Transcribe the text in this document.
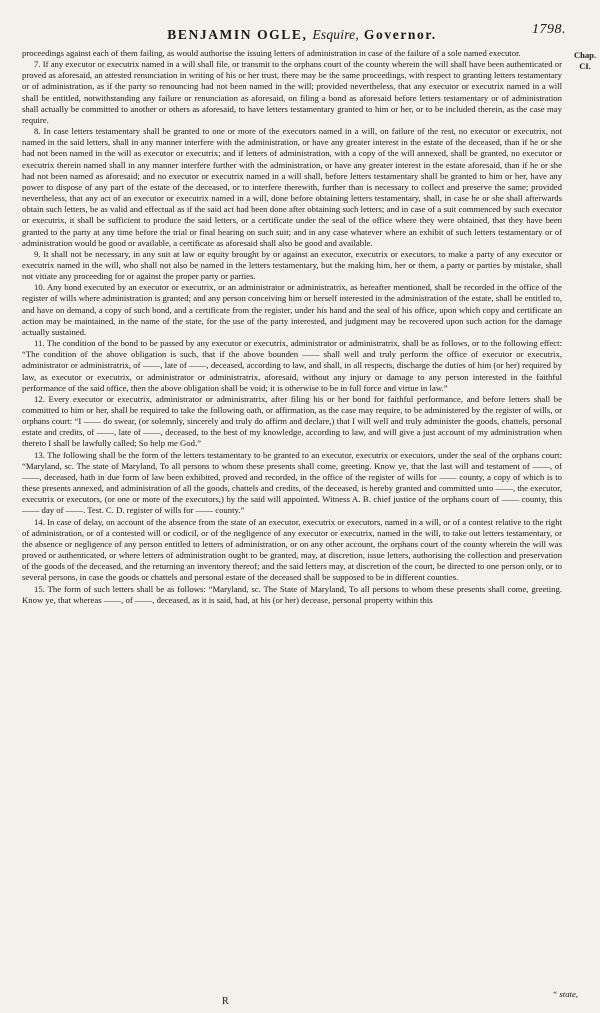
1798.
BENJAMIN OGLE, Esquire, Governor.
Chap.
CI.

proceedings against each of them failing, as would authorise the issuing letters of administration in case of the failure of a sole named executor.

7. If any executor or executrix named in a will shall file, or transmit to the orphans court of the county wherein the will shall have been authenticated or proved as aforesaid, an attested renunciation in writing of his or her trust, there may be the same proceedings, with respect to granting letters testamentary or of administration, as if the party so renouncing had not been named in the will; provided nevertheless, that any executor or executrix named in a will shall be entitled, notwithstanding any failure or renunciation as aforesaid, on filing a bond as aforesaid before letters testamentary or of administration shall actually be committed to another or others as aforesaid, to have letters testamentary granted to him or her, or to be included therein, as the case may require.

8. In case letters testamentary shall be granted to one or more of the executors named in a will, on failure of the rest, no executor or executrix, not named in the said letters, shall in any manner interfere with the administration, or have any greater interest in the estate of the deceased, than if he or she had not been named in the will as executor or executrix; and if letters of administration, with a copy of the will annexed, shall be granted, no executor or executrix therein named shall in any manner interfere further with the administration, or have any greater interest in the estate aforesaid, than if he or she had not been named as aforesaid; and no executor or executrix named in a will shall, before letters testamentary shall be granted to him or her, have any power to dispose of any part of the estate of the deceased, or to interfere therewith, further than is necessary to collect and preserve the same; provided nevertheless, that any act of an executor or executrix named in a will, done before obtaining letters testamentary, shall, in case he or she shall afterwards obtain such letters, be as valid and effectual as if the said act had been done after obtaining such letters; and in case of a suit commenced by such executor or executrix, it shall be sufficient to produce the said letters, or a certificate under the seal of the office where they were obtained, that they have been granted to the party at any time before the trial or final hearing on such suit; and in any case whatever where an exhibit of such letters testamentary or of administration would be good or available, a certificate as aforesaid shall also be good and available.

9. It shall not be necessary, in any suit at law or equity brought by or against an executor, executrix or executors, to make a party of any executor or executrix named in the will, who shall not also be named in the letters testamentary, but the making him, her or them, a party or parties by mistake, shall not vitiate any proceeding for or against the proper party or parties.

10. Any bond executed by an executor or executrix, or an administrator or administratrix, as hereafter mentioned, shall be recorded in the office of the register of wills where administration is granted; and any person conceiving him or herself interested in the administration of the estate, shall be entitled to, and have on demand, a copy of such bond, and a certificate from the register, under his hand and the seal of his office, upon which copy and certificate an action may be maintained, in the name of the state, for the use of the party interested, and judgment may be recovered upon such action for the damage actually sustained.

11. The condition of the bond to be passed by any executor or executrix, administrator or administratrix, shall be as follows, or to the following effect: “The condition of the above obligation is such, that if the above bounden —— shall well and truly perform the office of executor or executrix, administrator or administratrix, of ——, late of ——, deceased, according to law, and shall, in all respects, discharge the duties of him (or her) required by law, as executor or executrix, or administrator or administratrix, aforesaid, without any injury or damage to any person interested in the faithful performance of the said office, then the above obligation shall be void; it is otherwise to be in full force and virtue in law.”

12. Every executor or executrix, administrator or administratrix, after filing his or her bond for faithful performance, and before letters shall be committed to him or her, shall be required to take the following oath, or affirmation, as the case may require, to be administered by the register of wills, or orphans court: “I —— do swear, (or solemnly, sincerely and truly do affirm and declare,) that I will well and truly administer the goods, chattels, personal estate and credits, of ——, late of ——, deceased, to the best of my knowledge, according to law, and will give a just account of my administration when thereto I shall be lawfully called; So help me God.”

13. The following shall be the form of the letters testamentary to be granted to an executor, executrix or executors, under the seal of the orphans court: “Maryland, sc. The state of Maryland, To all persons to whom these presents shall come, greeting. Know ye, that the last will and testament of ——, of ——, deceased, hath in due form of law been exhibited, proved and recorded, in the office of the register of wills for —— county, a copy of which is to these presents annexed, and administration of all the goods, chattels and credits, of the deceased, is hereby granted and committed unto ——, the executor, executrix or executors, (or one or more of the executors,) by the said will appointed. Witness A. B. chief justice of the orphans court of —— county, this —— day of ——. Test. C. D. register of wills for —— county.”

14. In case of delay, on account of the absence from the state of an executor, executrix or executors, named in a will, or of a contest relative to the right of administration, or of a contested will or codicil, or of the negligence of any executor or executrix, named in the will, to take out letters testamentary, or the absence or negligence of any person entitled to letters of administration, or on any other account, the orphans court of the county wherein the will was proved or authenticated, or where letters of administration ought to be granted, may, at discretion, issue letters, authorising the collection and preservation of the goods of the deceased, and the returning an inventory thereof; and the said letters may, at discretion of the court, be directed to one person only, or to several persons, in case the goods or chattels and personal estate of the deceased shall be supposed to be in different counties.

15. The form of such letters shall be as follows: “Maryland, sc. The State of Maryland, To all persons to whom these presents shall come, greeting. Know ye, that whereas ——, of ——, deceased, as it is said, had, at his (or her) decease, personal property within this

“ state,
R
